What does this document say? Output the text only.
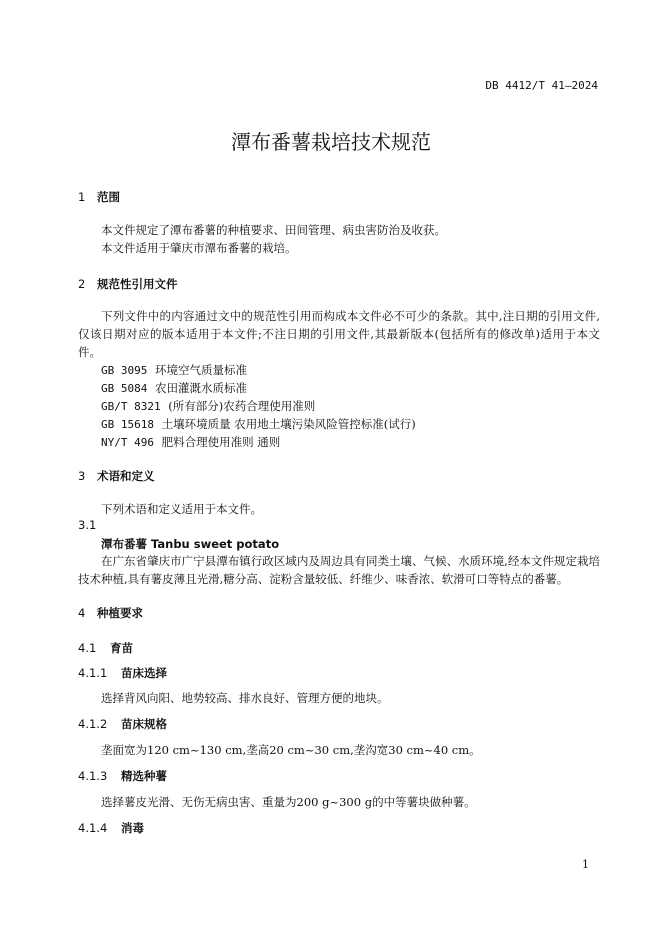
DB 4412/T 41—2024
潭布番薯栽培技术规范
1 范围
本文件规定了潭布番薯的种植要求、田间管理、病虫害防治及收获。
本文件适用于肇庆市潭布番薯的栽培。
2 规范性引用文件
下列文件中的内容通过文中的规范性引用而构成本文件必不可少的条款。其中,注日期的引用文件,仅该日期对应的版本适用于本文件;不注日期的引用文件,其最新版本(包括所有的修改单)适用于本文件。
GB 3095 环境空气质量标准
GB 5084 农田灌溉水质标准
GB/T 8321 (所有部分)农药合理使用准则
GB 15618 土壤环境质量 农用地土壤污染风险管控标准(试行)
NY/T 496 肥料合理使用准则 通则
3 术语和定义
下列术语和定义适用于本文件。
3.1
潭布番薯 Tanbu sweet potato
在广东省肇庆市广宁县潭布镇行政区域内及周边具有同类土壤、气候、水质环境,经本文件规定栽培技术种植,具有薯皮薄且光滑,糖分高、淀粉含量较低、纤维少、味香浓、软滑可口等特点的番薯。
4 种植要求
4.1 育苗
4.1.1 苗床选择
选择背风向阳、地势较高、排水良好、管理方便的地块。
4.1.2 苗床规格
垄面宽为120 cm~130 cm,垄高20 cm~30 cm,垄沟宽30 cm~40 cm。
4.1.3 精选种薯
选择薯皮光滑、无伤无病虫害、重量为200 g~300 g的中等薯块做种薯。
4.1.4 消毒
1
